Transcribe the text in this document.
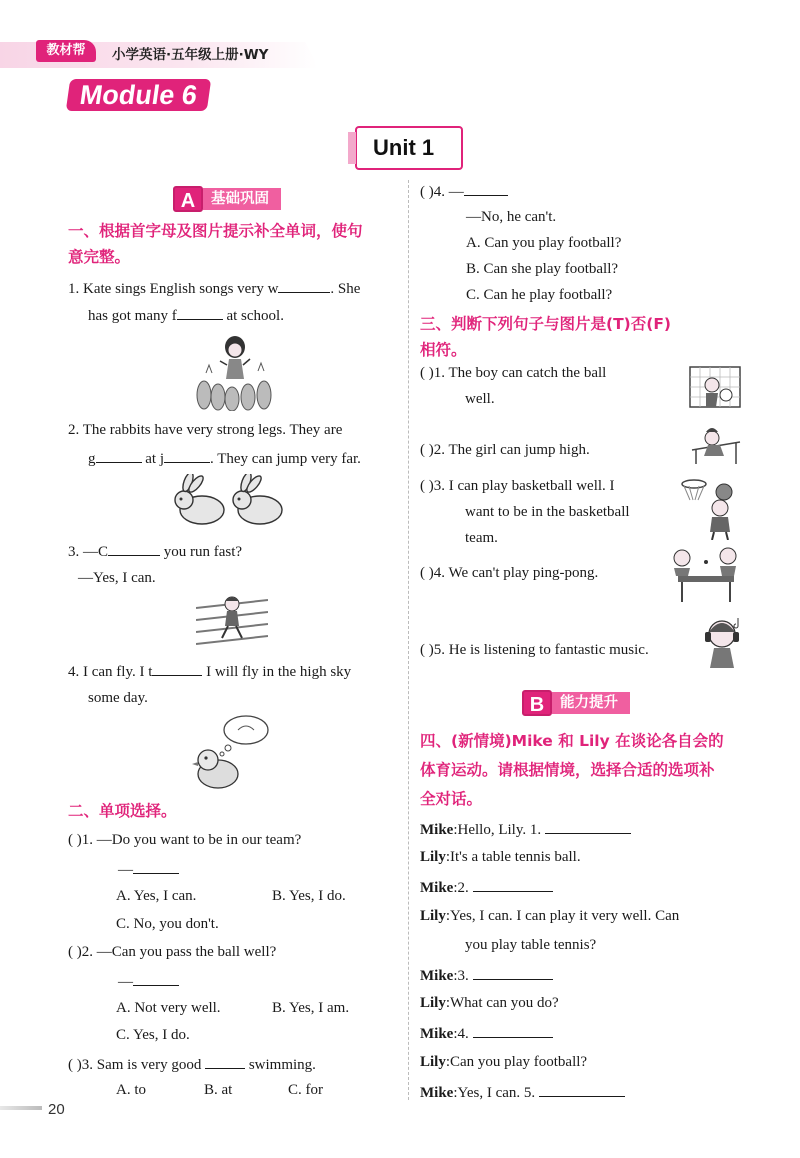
教材帮	小学英语·五年级上册·WY
Module 6
Unit 1
A	基础巩固
一、根据首字母及图片提示补全单词，使句
意完整。
1. Kate sings English songs very w	. She
has got many f	at school.
2. The rabbits have very strong legs. They are
g	at j	. They can jump very far.
3. —C	you run fast?
—Yes, I can.
4. I can fly. I t	I will fly in the high sky
some day.
二、单项选择。
( )1. —Do you want to be in our team?
—
A. Yes, I can.	B. Yes, I do.
C. No, you don't.
( )2. —Can you pass the ball well?
—
A. Not very well.	B. Yes, I am.
C. Yes, I do.
( )3. Sam is very good	swimming.
A. to	B. at	C. for
( )4. —
—No, he can't.
A. Can you play football?
B. Can she play football?
C. Can he play football?
三、判断下列句子与图片是(T)否(F)
相符。
( )1. The boy can catch the ball
well.
( )2. The girl can jump high.
( )3. I can play basketball well. I
want to be in the basketball
team.
( )4. We can't play ping-pong.
( )5. He is listening to fantastic music.
B	能力提升
四、(新情境)Mike 和 Lily 在谈论各自会的
体育运动。请根据情境，选择合适的选项补
全对话。
Mike:Hello, Lily. 1.
Lily:It's a table tennis ball.
Mike:2.
Lily:Yes, I can. I can play it very well. Can
you play table tennis?
Mike:3.
Lily:What can you do?
Mike:4.
Lily:Can you play football?
Mike:Yes, I can. 5.
20
